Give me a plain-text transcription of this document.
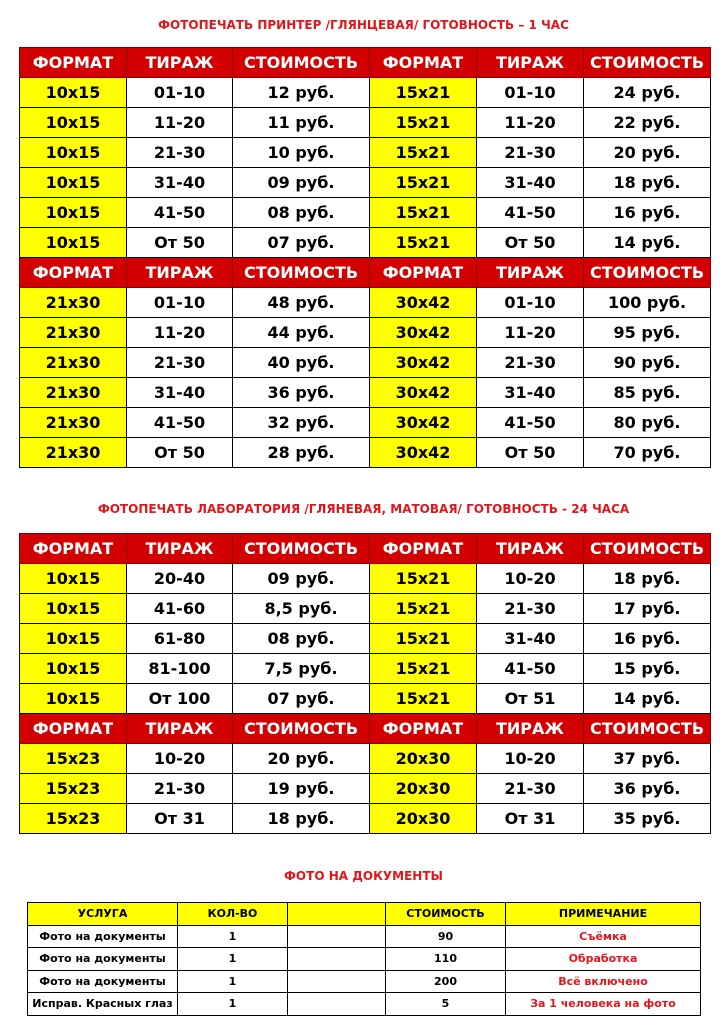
ФОТОПЕЧАТЬ ПРИНТЕР /ГЛЯНЦЕВАЯ/ ГОТОВНОСТЬ – 1 ЧАС
ФОРМАТ	ТИРАЖ	СТОИМОСТЬ	ФОРМАТ	ТИРАЖ	СТОИМОСТЬ
10х15	01-10	12 руб.	15х21	01-10	24 руб.
10х15	11-20	11 руб.	15х21	11-20	22 руб.
10х15	21-30	10 руб.	15х21	21-30	20 руб.
10х15	31-40	09 руб.	15х21	31-40	18 руб.
10х15	41-50	08 руб.	15х21	41-50	16 руб.
10х15	От 50	07 руб.	15х21	От 50	14 руб.
ФОРМАТ	ТИРАЖ	СТОИМОСТЬ	ФОРМАТ	ТИРАЖ	СТОИМОСТЬ
21х30	01-10	48 руб.	30х42	01-10	100 руб.
21х30	11-20	44 руб.	30х42	11-20	95 руб.
21х30	21-30	40 руб.	30х42	21-30	90 руб.
21х30	31-40	36 руб.	30х42	31-40	85 руб.
21х30	41-50	32 руб.	30х42	41-50	80 руб.
21х30	От 50	28 руб.	30х42	От 50	70 руб.
ФОТОПЕЧАТЬ ЛАБОРАТОРИЯ /ГЛЯНЕВАЯ, МАТОВАЯ/ ГОТОВНОСТЬ - 24 ЧАСА
ФОРМАТ	ТИРАЖ	СТОИМОСТЬ	ФОРМАТ	ТИРАЖ	СТОИМОСТЬ
10х15	20-40	09 руб.	15х21	10-20	18 руб.
10х15	41-60	8,5 руб.	15х21	21-30	17 руб.
10х15	61-80	08 руб.	15х21	31-40	16 руб.
10х15	81-100	7,5 руб.	15х21	41-50	15 руб.
10х15	От 100	07 руб.	15х21	От 51	14 руб.
ФОРМАТ	ТИРАЖ	СТОИМОСТЬ	ФОРМАТ	ТИРАЖ	СТОИМОСТЬ
15х23	10-20	20 руб.	20х30	10-20	37 руб.
15х23	21-30	19 руб.	20х30	21-30	36 руб.
15х23	От 31	18 руб.	20х30	От 31	35 руб.
ФОТО НА ДОКУМЕНТЫ
УСЛУГА	КОЛ-ВО		СТОИМОСТЬ	ПРИМЕЧАНИЕ
Фото на документы	1		90	Съёмка
Фото на документы	1		110	Обработка
Фото на документы	1		200	Всё включено
Исправ. Красных глаз	1		5	За 1 человека на фото
